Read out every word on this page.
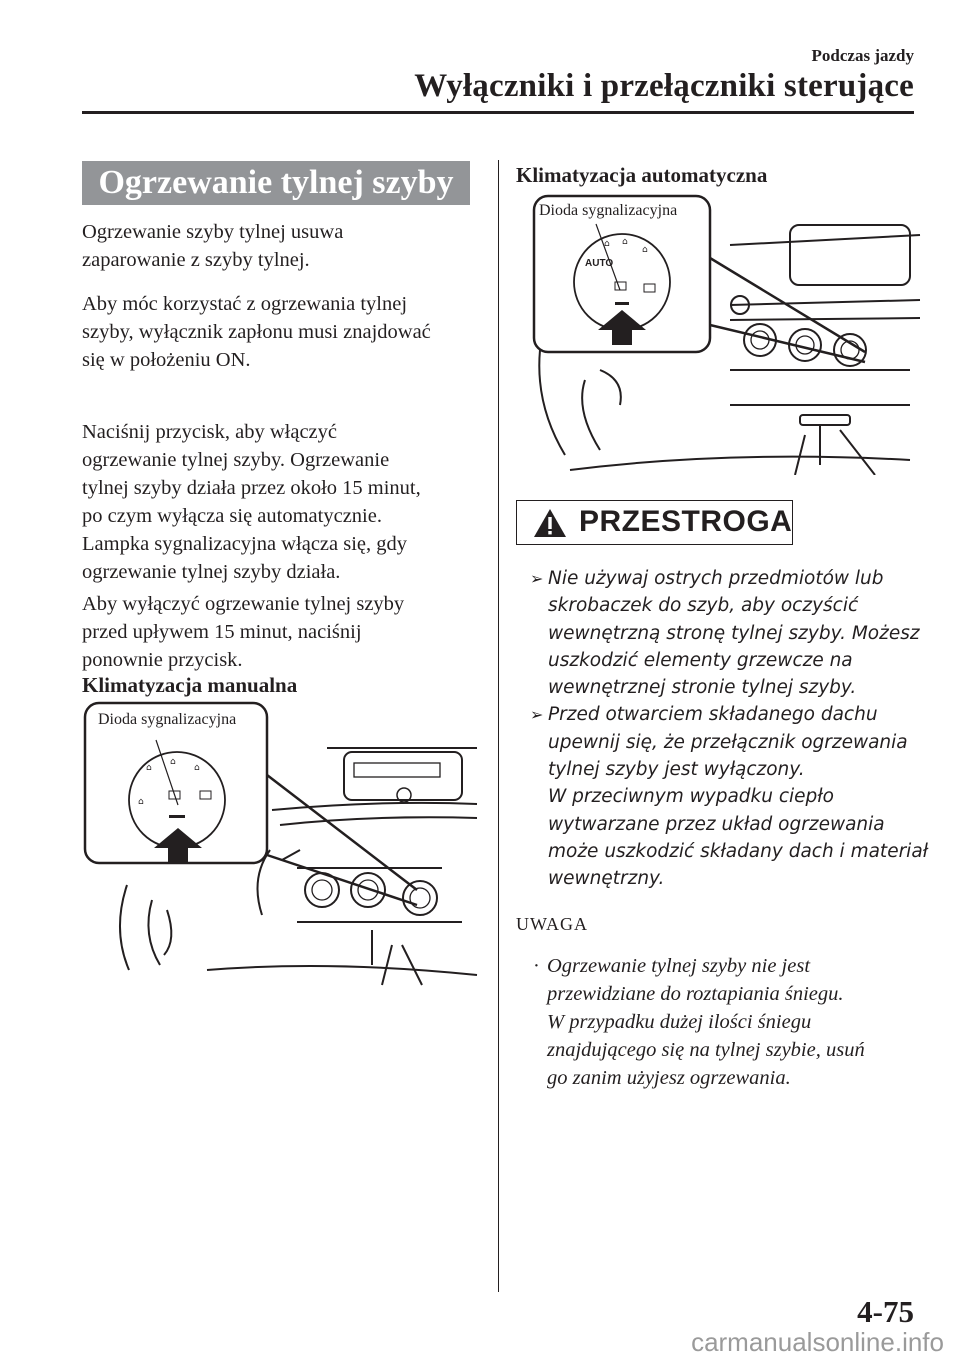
Podczas jazdy
Wyłączniki i przełączniki sterujące
Ogrzewanie tylnej szyby
Ogrzewanie szyby tylnej usuwa
zaparowanie z szyby tylnej.
Aby móc korzystać z ogrzewania tylnej
szyby, wyłącznik zapłonu musi znajdować
się w położeniu ON.
Naciśnij przycisk, aby włączyć
ogrzewanie tylnej szyby. Ogrzewanie
tylnej szyby działa przez około 15 minut,
po czym wyłącza się automatycznie.
Lampka sygnalizacyjna włącza się, gdy
ogrzewanie tylnej szyby działa.
Aby wyłączyć ogrzewanie tylnej szyby
przed upływem 15 minut, naciśnij
ponownie przycisk.
Klimatyzacja manualna
⌂
⌂
⌂
⌂
Dioda sygnalizacyjna
Klimatyzacja automatyczna
AUTO
⌂ ⌂
⌂
Dioda sygnalizacyjna
PRZESTROGA
➢ Nie używaj ostrych przedmiotów lub
skrobaczek do szyb, aby oczyścić
wewnętrzną stronę tylnej szyby. Możesz
uszkodzić elementy grzewcze na
wewnętrznej stronie tylnej szyby.
➢ Przed otwarciem składanego dachu
upewnij się, że przełącznik ogrzewania
tylnej szyby jest wyłączony.
W przeciwnym wypadku ciepło
wytwarzane przez układ ogrzewania
może uszkodzić składany dach i materiał
wewnętrzny.
UWAGA
· Ogrzewanie tylnej szyby nie jest
przewidziane do roztapiania śniegu.
W przypadku dużej ilości śniegu
znajdującego się na tylnej szybie, usuń
go zanim użyjesz ogrzewania.
4-75
carmanualsonline.info
